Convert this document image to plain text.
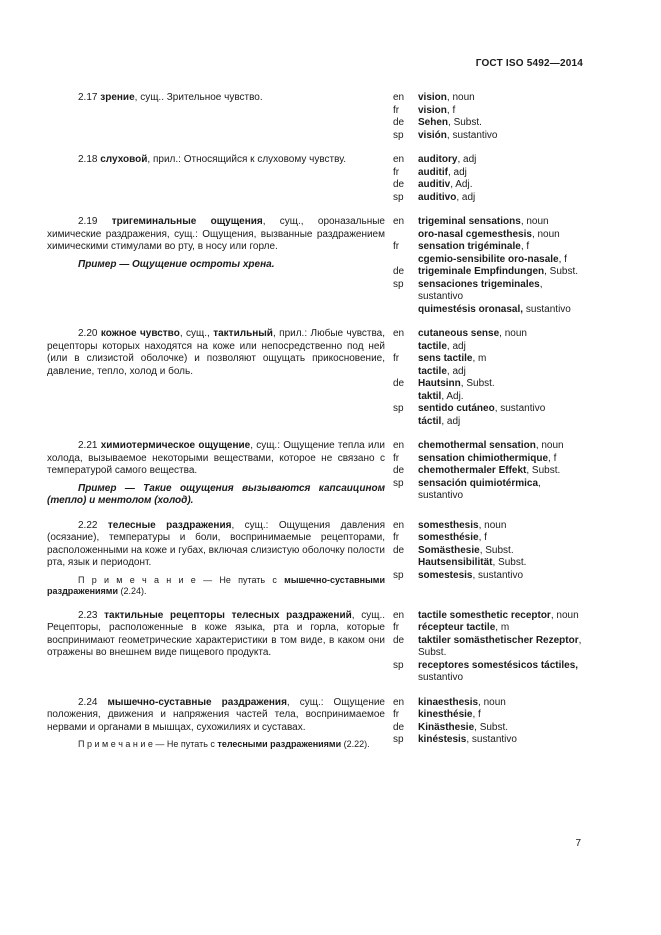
ГОСТ ISO 5492—2014

2.17 зрение, сущ.. Зрительное чувство.	en	vision, noun

fr	vision, f

de	Sehen, Subst.

sp	visión, sustantivo

2.18 слуховой, прил.: Относящийся к слуховому чувству.	en	auditory, adj

fr	auditif, adj

de	auditiv, Adj.

sp	auditivo, adj

2.19 тригеминальные ощущения, сущ., ороназальные химические раздражения, сущ.: Ощущения, вызванные раздражением химическими стимулами во рту, в носу или горле.

Пример — Ощущение остроты хрена.

en	trigeminal sensations, noun

oro-nasal cgemesthesis, noun

fr	sensation trigéminale, f

cgemio-sensibilite oro-nasale, f

de	trigeminale Empfindungen, Subst.

sp	sensaciones trigeminales, sustantivo

quimestésis oronasal, sustantivo

2.20 кожное чувство, сущ., тактильный, прил.: Любые чувства, рецепторы которых находятся на коже или непосредственно под ней (или в слизистой оболочке) и позволяют ощущать прикосновение, давление, тепло, холод и боль.

en	cutaneous sense, noun

tactile, adj

fr	sens tactile, m

tactile, adj

de	Hautsinn, Subst.

taktil, Adj.

sp	sentido cutáneo, sustantivo

táctil, adj

2.21 химиотермическое ощущение, сущ.: Ощущение тепла или холода, вызываемое некоторыми веществами, которое не связано с температурой самого вещества.

Пример — Такие ощущения вызываются капсаицином (тепло) и ментолом (холод).

en	chemothermal sensation, noun

fr	sensation chimiothermique, f

de	chemothermaler Effekt, Subst.

sp	sensación quimiotérmica, sustantivo

2.22 телесные раздражения, сущ.: Ощущения давления (осязание), температуры и боли, воспринимаемые рецепторами, расположенными на коже и губах, включая слизистую оболочку полости рта, язык и периодонт.

П р и м е ч а н и е — Не путать с мышечно-суставными раздражениями (2.24).

en	somesthesis, noun

fr	somesthésie, f

de	Somästhesie, Subst.

Hautsensibilität, Subst.

sp	somestesis, sustantivo

2.23 тактильные рецепторы телесных раздражений, сущ.. Рецепторы, расположенные в коже языка, рта и горла, которые воспринимают геометрические характеристики в том виде, в каком они отражены во внешнем виде пищевого продукта.

en	tactile somesthetic receptor, noun

fr	récepteur tactile, m

de	taktiler somästhetischer Rezeptor, Subst.

sp	receptores somestésicos táctiles, sustantivo

2.24 мышечно-суставные раздражения, сущ.: Ощущение положения, движения и напряжения частей тела, воспринимаемое нервами и органами в мышцах, сухожилиях и суставах.

П р и м е ч а н и е — Не путать с телесными раздражениями (2.22).

en	kinaesthesis, noun

fr	kinesthésie, f

de	Kinästhesie, Subst.

sp	kinéstesis, sustantivo

7
